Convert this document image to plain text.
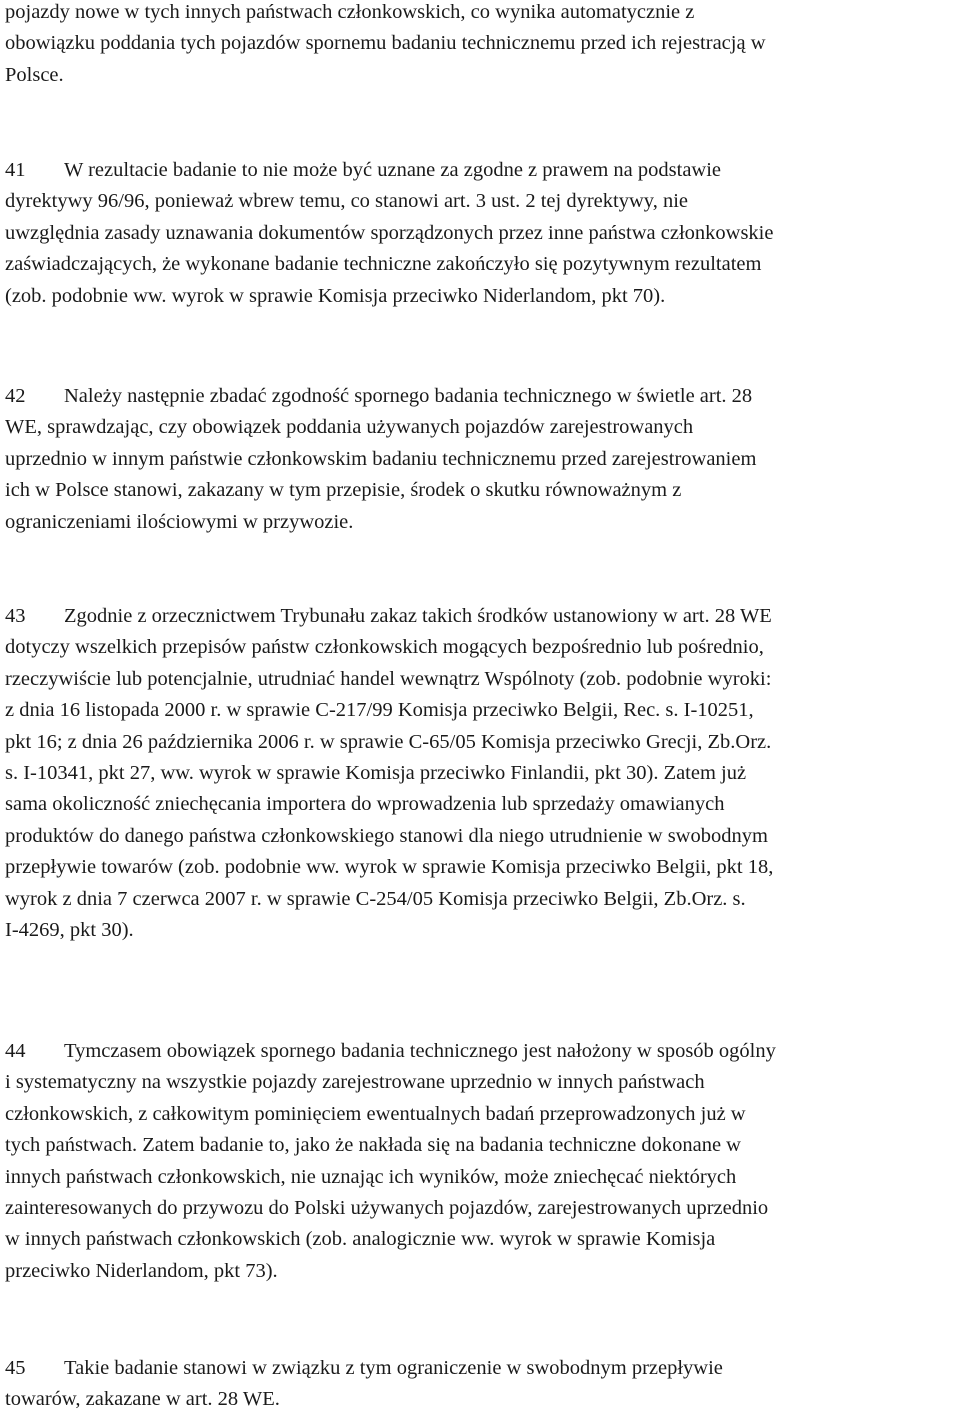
pojazdy nowe w tych innych państwach członkowskich, co wynika automatycznie z
obowiązku poddania tych pojazdów spornemu badaniu technicznemu przed ich rejestracją w
Polsce.
41 W rezultacie badanie to nie może być uznane za zgodne z prawem na podstawie
dyrektywy 96/96, ponieważ wbrew temu, co stanowi art. 3 ust. 2 tej dyrektywy, nie
uwzględnia zasady uznawania dokumentów sporządzonych przez inne państwa członkowskie
zaświadczających, że wykonane badanie techniczne zakończyło się pozytywnym rezultatem
(zob. podobnie ww. wyrok w sprawie Komisja przeciwko Niderlandom, pkt 70).
42 Należy następnie zbadać zgodność spornego badania technicznego w świetle art. 28
WE, sprawdzając, czy obowiązek poddania używanych pojazdów zarejestrowanych
uprzednio w innym państwie członkowskim badaniu technicznemu przed zarejestrowaniem
ich w Polsce stanowi, zakazany w tym przepisie, środek o skutku równoważnym z
ograniczeniami ilościowymi w przywozie.
43 Zgodnie z orzecznictwem Trybunału zakaz takich środków ustanowiony w art. 28 WE
dotyczy wszelkich przepisów państw członkowskich mogących bezpośrednio lub pośrednio,
rzeczywiście lub potencjalnie, utrudniać handel wewnątrz Wspólnoty (zob. podobnie wyroki:
z dnia 16 listopada 2000 r. w sprawie C‑217/99 Komisja przeciwko Belgii, Rec. s. I‑10251,
pkt 16; z dnia 26 października 2006 r. w sprawie C‑65/05 Komisja przeciwko Grecji, Zb.Orz.
s. I‑10341, pkt 27, ww. wyrok w sprawie Komisja przeciwko Finlandii, pkt 30). Zatem już
sama okoliczność zniechęcania importera do wprowadzenia lub sprzedaży omawianych
produktów do danego państwa członkowskiego stanowi dla niego utrudnienie w swobodnym
przepływie towarów (zob. podobnie ww. wyrok w sprawie Komisja przeciwko Belgii, pkt 18,
wyrok z dnia 7 czerwca 2007 r. w sprawie C‑254/05 Komisja przeciwko Belgii, Zb.Orz. s.
I‑4269, pkt 30).
44 Tymczasem obowiązek spornego badania technicznego jest nałożony w sposób ogólny
i systematyczny na wszystkie pojazdy zarejestrowane uprzednio w innych państwach
członkowskich, z całkowitym pominięciem ewentualnych badań przeprowadzonych już w
tych państwach. Zatem badanie to, jako że nakłada się na badania techniczne dokonane w
innych państwach członkowskich, nie uznając ich wyników, może zniechęcać niektórych
zainteresowanych do przywozu do Polski używanych pojazdów, zarejestrowanych uprzednio
w innych państwach członkowskich (zob. analogicznie ww. wyrok w sprawie Komisja
przeciwko Niderlandom, pkt 73).
45 Takie badanie stanowi w związku z tym ograniczenie w swobodnym przepływie
towarów, zakazane w art. 28 WE.
